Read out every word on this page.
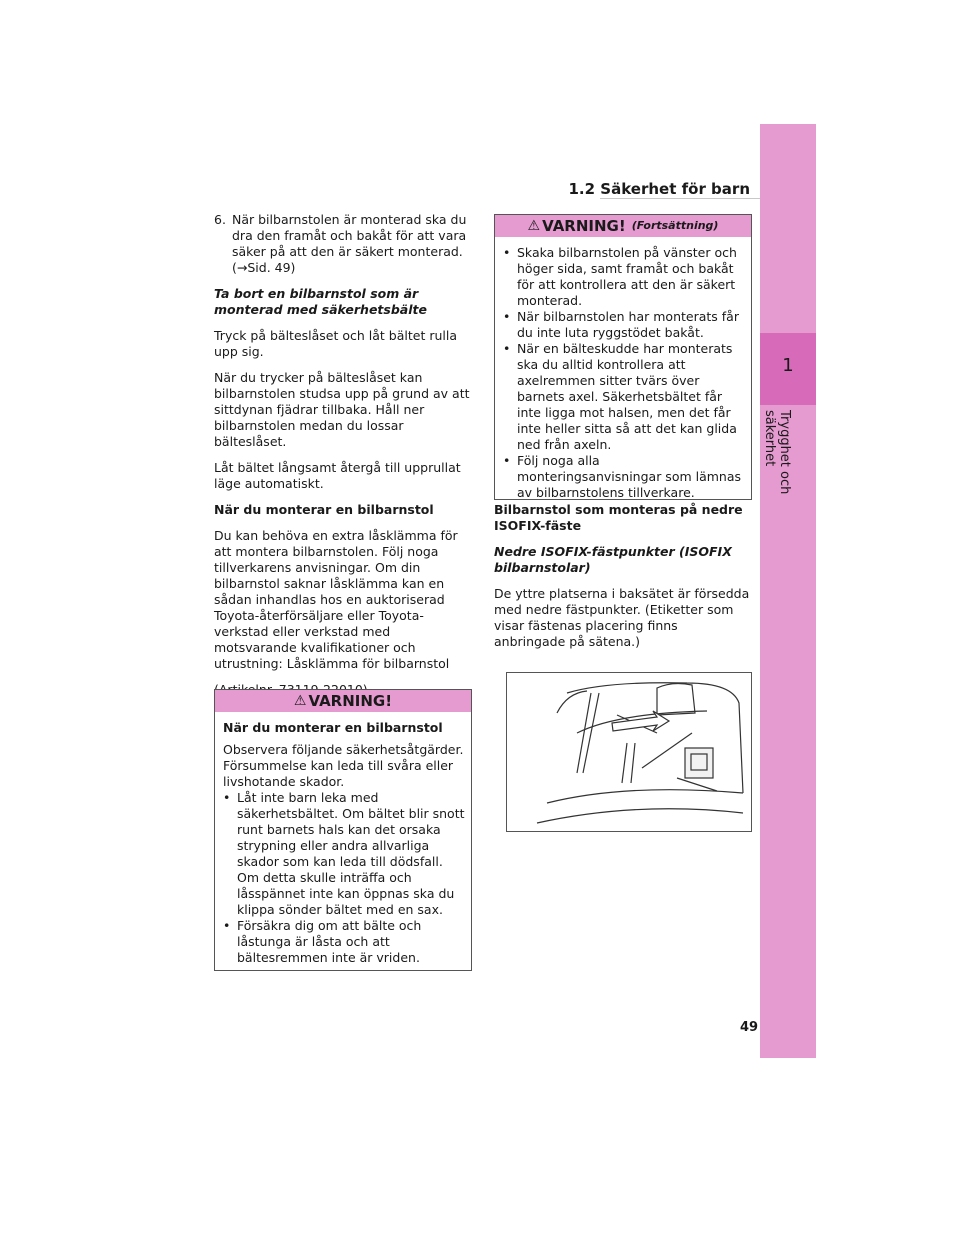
1.2 Säkerhet för barn
1
Trygghet och säkerhet
6. När bilbarnstolen är monterad ska du dra den framåt och bakåt för att vara säker på att den är säkert monterad. (→Sid. 49)

Ta bort en bilbarnstol som är monterad med säkerhetsbälte

Tryck på bälteslåset och låt bältet rulla upp sig.

När du trycker på bälteslåset kan bilbarnstolen studsa upp på grund av att sittdynan fjädrar tillbaka. Håll ner bilbarnstolen medan du lossar bälteslåset.

Låt bältet långsamt återgå till upprullat läge automatiskt.

När du monterar en bilbarnstol

Du kan behöva en extra låsklämma för att montera bilbarnstolen. Följ noga tillverkarens anvisningar. Om din bilbarnstol saknar låsklämma kan en sådan inhandlas hos en auktoriserad Toyota-återförsäljare eller Toyota-verkstad eller verkstad med motsvarande kvalifikationer och utrustning: Låsklämma för bilbarnstol

⚠ VARNING!

När du monterar en bilbarnstol

Observera följande säkerhetsåtgärder. Försummelse kan leda till svåra eller livshotande skador.
• Låt inte barn leka med säkerhetsbältet. Om bältet blir snott runt barnets hals kan det orsaka strypning eller andra allvarliga skador som kan leda till dödsfall. Om detta skulle inträffa och låsspännet inte kan öppnas ska du klippa sönder bältet med en sax.
• Försäkra dig om att bälte och låstunga är låsta och att bältesremmen inte är vriden.
⚠ VARNING! (Fortsättning)
• Skaka bilbarnstolen på vänster och höger sida, samt framåt och bakåt för att kontrollera att den är säkert monterad.
• När bilbarnstolen har monterats får du inte luta ryggstödet bakåt.
• När en bälteskudde har monterats ska du alltid kontrollera att axelremmen sitter tvärs över barnets axel. Säkerhetsbältet får inte ligga mot halsen, men det får inte heller sitta så att det kan glida ned från axeln.
• Följ noga alla monteringsanvisningar som lämnas av bilbarnstolens tillverkare.

Bilbarnstol som monteras på nedre ISOFIX-fäste

Nedre ISOFIX-fästpunkter (ISOFIX bilbarnstolar)

De yttre platserna i baksätet är försedda med nedre fästpunkter. (Etiketter som visar fästenas placering finns anbringade på sätena.)

49
